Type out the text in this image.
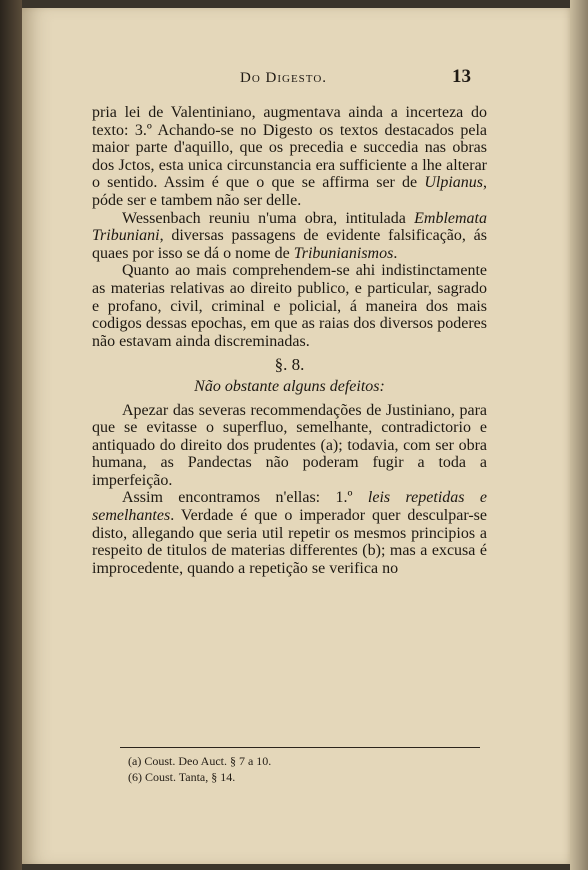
Do Digesto.	13

pria lei de Valentiniano, augmentava ainda a incerteza do texto: 3.º Achando-se no Digesto os textos destacados pela maior parte d'aquillo, que os precedia e succedia nas obras dos Jctos, esta unica circunstancia era sufficiente a lhe alterar o sentido. Assim é que o que se affirma ser de Ulpianus, póde ser e tambem não ser delle.

Wessenbach reuniu n'uma obra, intitulada Emblemata Tribuniani, diversas passagens de evidente falsificação, ás quaes por isso se dá o nome de Tribunianismos.

Quanto ao mais comprehendem-se ahi indistinctamente as materias relativas ao direito publico, e particular, sagrado e profano, civil, criminal e policial, á maneira dos mais codigos dessas epochas, em que as raias dos diversos poderes não estavam ainda discreminadas.

§. 8.
Não obstante alguns defeitos:

Apezar das severas recommendações de Justiniano, para que se evitasse o superfluo, semelhante, contradictorio e antiquado do direito dos prudentes (a); todavia, com ser obra humana, as Pandectas não poderam fugir a toda a imperfeição.

Assim encontramos n'ellas: 1.º leis repetidas e semelhantes. Verdade é que o imperador quer desculpar-se disto, allegando que seria util repetir os mesmos principios a respeito de titulos de materias differentes (b); mas a excusa é improcedente, quando a repetição se verifica no

(a) Coust. Deo Auct. § 7 a 10.
(6) Coust. Tanta, § 14.
